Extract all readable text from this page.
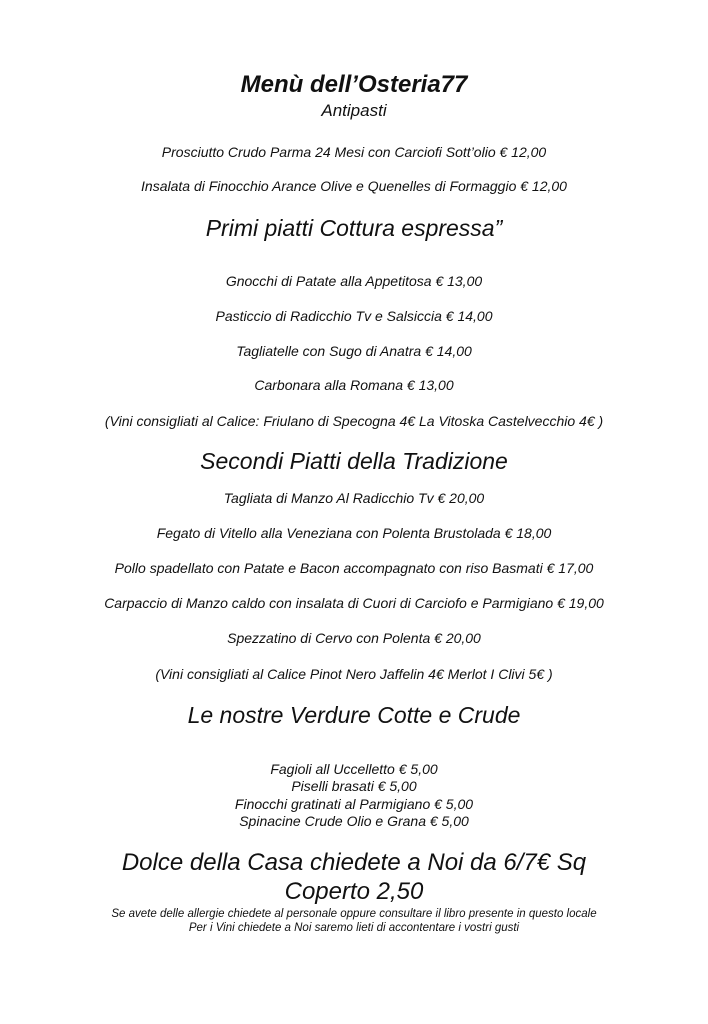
Menù dell’Osteria77
Antipasti
Prosciutto Crudo Parma 24 Mesi con Carciofi Sott’olio € 12,00
Insalata di Finocchio Arance Olive e Quenelles di Formaggio € 12,00
Primi piatti Cottura espressa”
Gnocchi di Patate alla Appetitosa € 13,00
Pasticcio di Radicchio Tv e Salsiccia € 14,00
Tagliatelle con Sugo di Anatra € 14,00
Carbonara alla Romana € 13,00
(Vini consigliati al Calice: Friulano di Specogna 4€ La Vitoska Castelvecchio 4€ )
Secondi Piatti della Tradizione
Tagliata di Manzo Al Radicchio Tv € 20,00
Fegato di Vitello alla Veneziana con Polenta Brustolada € 18,00
Pollo spadellato con Patate e Bacon accompagnato con riso Basmati € 17,00
Carpaccio di Manzo caldo con insalata di Cuori di Carciofo e Parmigiano € 19,00
Spezzatino di Cervo con Polenta € 20,00
(Vini consigliati al Calice Pinot Nero Jaffelin 4€ Merlot I Clivi 5€ )
Le nostre Verdure Cotte e Crude
Fagioli all Uccelletto € 5,00
Piselli brasati € 5,00
Finocchi gratinati al Parmigiano € 5,00
Spinacine Crude Olio e Grana € 5,00
Dolce della Casa chiedete a Noi da 6/7€ Sq
Coperto 2,50
Se avete delle allergie chiedete al personale oppure consultare il libro presente in questo locale
Per i Vini chiedete a Noi saremo lieti di accontentare i vostri gusti
